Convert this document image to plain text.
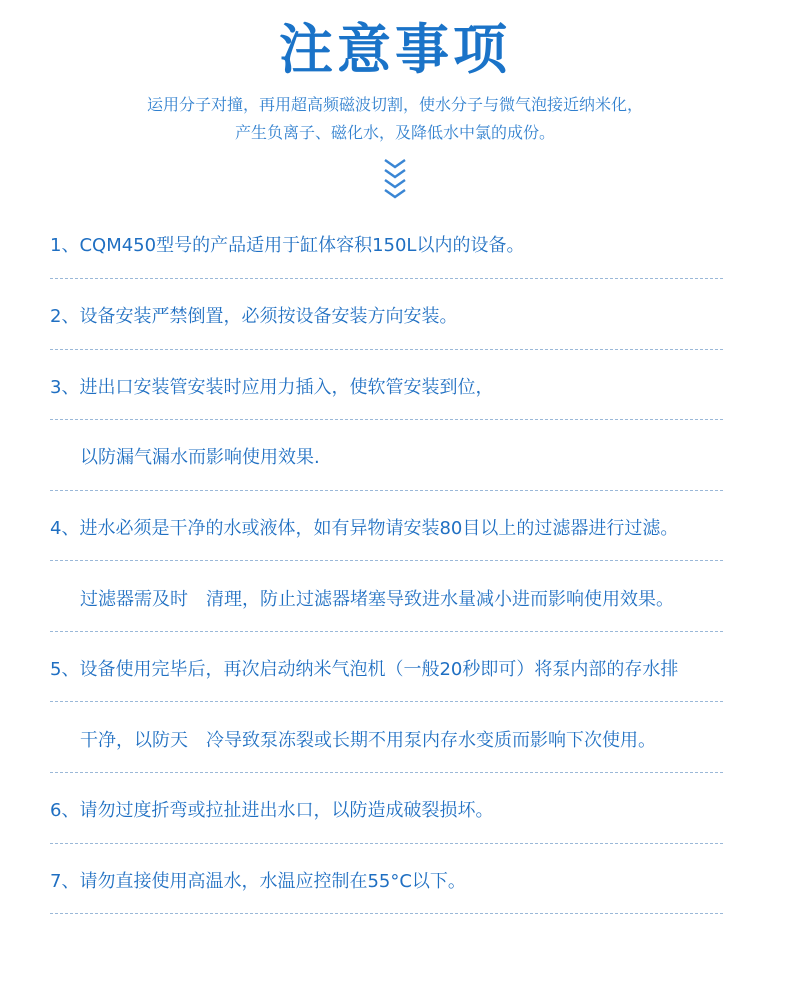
注意事项
运用分子对撞，再用超高频磁波切割，使水分子与微气泡接近纳米化，
产生负离子、磁化水，及降低水中氯的成份。
1、CQM450型号的产品适用于缸体容积150L以内的设备。
2、设备安装严禁倒置，必须按设备安装方向安装。
3、进出口安装管安装时应用力插入，使软管安装到位，
以防漏气漏水而影响使用效果.
4、进水必须是干净的水或液体，如有异物请安装80目以上的过滤器进行过滤。
过滤器需及时　清理，防止过滤器堵塞导致进水量减小进而影响使用效果。
5、设备使用完毕后，再次启动纳米气泡机（一般20秒即可）将泵内部的存水排
干净，以防天　冷导致泵冻裂或长期不用泵内存水变质而影响下次使用。
6、请勿过度折弯或拉扯进出水口，以防造成破裂损坏。
7、请勿直接使用高温水，水温应控制在55°C以下。
